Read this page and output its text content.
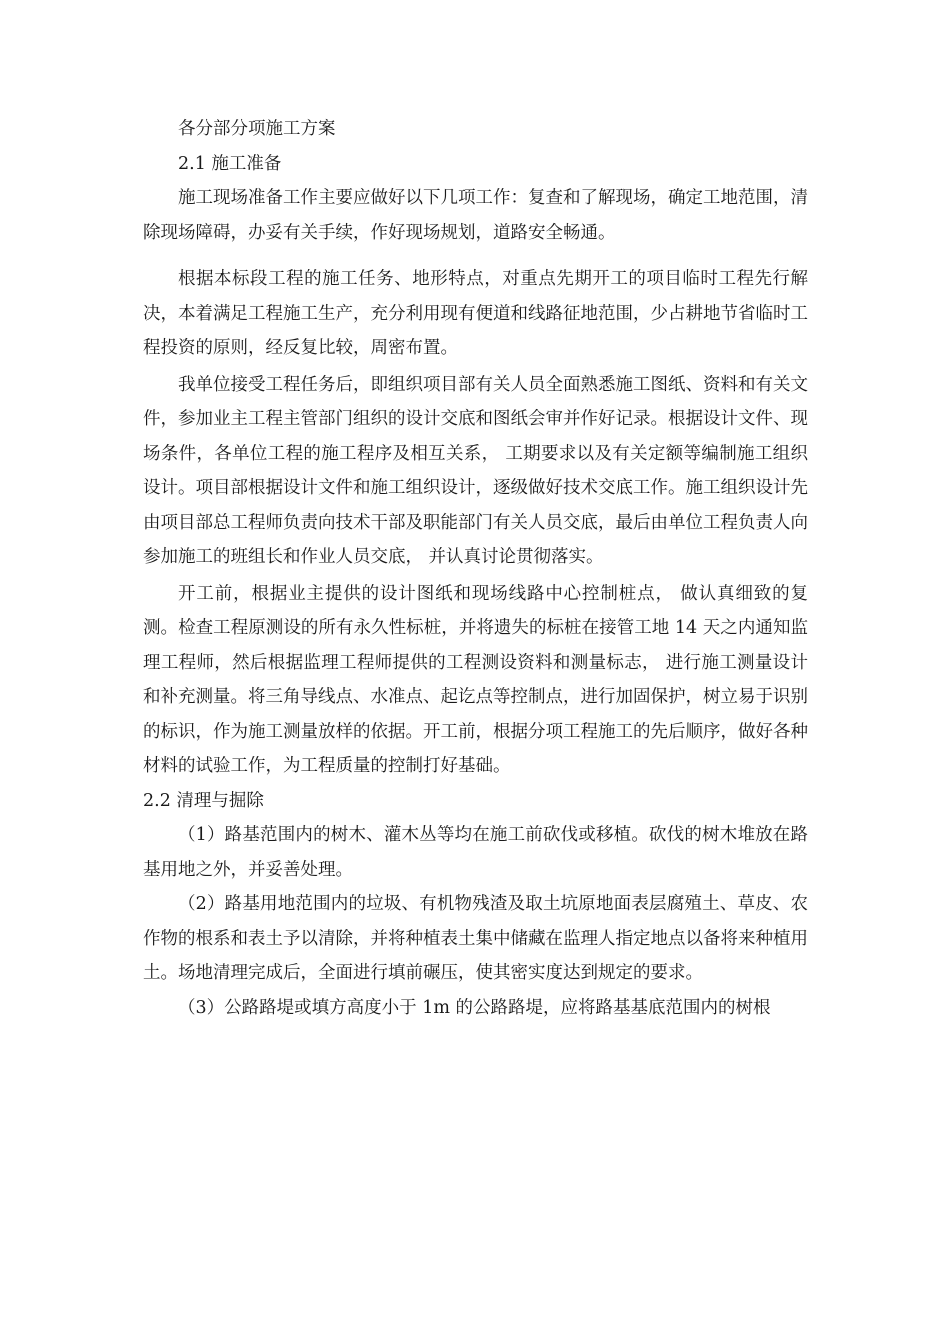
各分部分项施工方案

2.1 施工准备

施工现场准备工作主要应做好以下几项工作：复查和了解现场，确定工地范围，清除现场障碍，办妥有关手续，作好现场规划，道路安全畅通。

根据本标段工程的施工任务、地形特点，对重点先期开工的项目临时工程先行解决，本着满足工程施工生产，充分利用现有便道和线路征地范围，少占耕地节省临时工程投资的原则，经反复比较，周密布置。

我单位接受工程任务后，即组织项目部有关人员全面熟悉施工图纸、资料和有关文件，参加业主工程主管部门组织的设计交底和图纸会审并作好记录。根据设计文件、现场条件，各单位工程的施工程序及相互关系， 工期要求以及有关定额等编制施工组织设计。项目部根据设计文件和施工组织设计，逐级做好技术交底工作。施工组织设计先由项目部总工程师负责向技术干部及职能部门有关人员交底，最后由单位工程负责人向参加施工的班组长和作业人员交底， 并认真讨论贯彻落实。

开工前，根据业主提供的设计图纸和现场线路中心控制桩点， 做认真细致的复测。检查工程原测设的所有永久性标桩，并将遗失的标桩在接管工地 14 天之内通知监理工程师，然后根据监理工程师提供的工程测设资料和测量标志， 进行施工测量设计和补充测量。将三角导线点、水准点、起讫点等控制点，进行加固保护，树立易于识别的标识，作为施工测量放样的依据。开工前，根据分项工程施工的先后顺序，做好各种材料的试验工作，为工程质量的控制打好基础。

2.2 清理与掘除

（1）路基范围内的树木、灌木丛等均在施工前砍伐或移植。砍伐的树木堆放在路基用地之外，并妥善处理。

（2）路基用地范围内的垃圾、有机物残渣及取土坑原地面表层腐殖土、草皮、农作物的根系和表土予以清除，并将种植表土集中储藏在监理人指定地点以备将来种植用土。场地清理完成后，全面进行填前碾压，使其密实度达到规定的要求。

（3）公路路堤或填方高度小于 1m 的公路路堤，应将路基基底范围内的树根
